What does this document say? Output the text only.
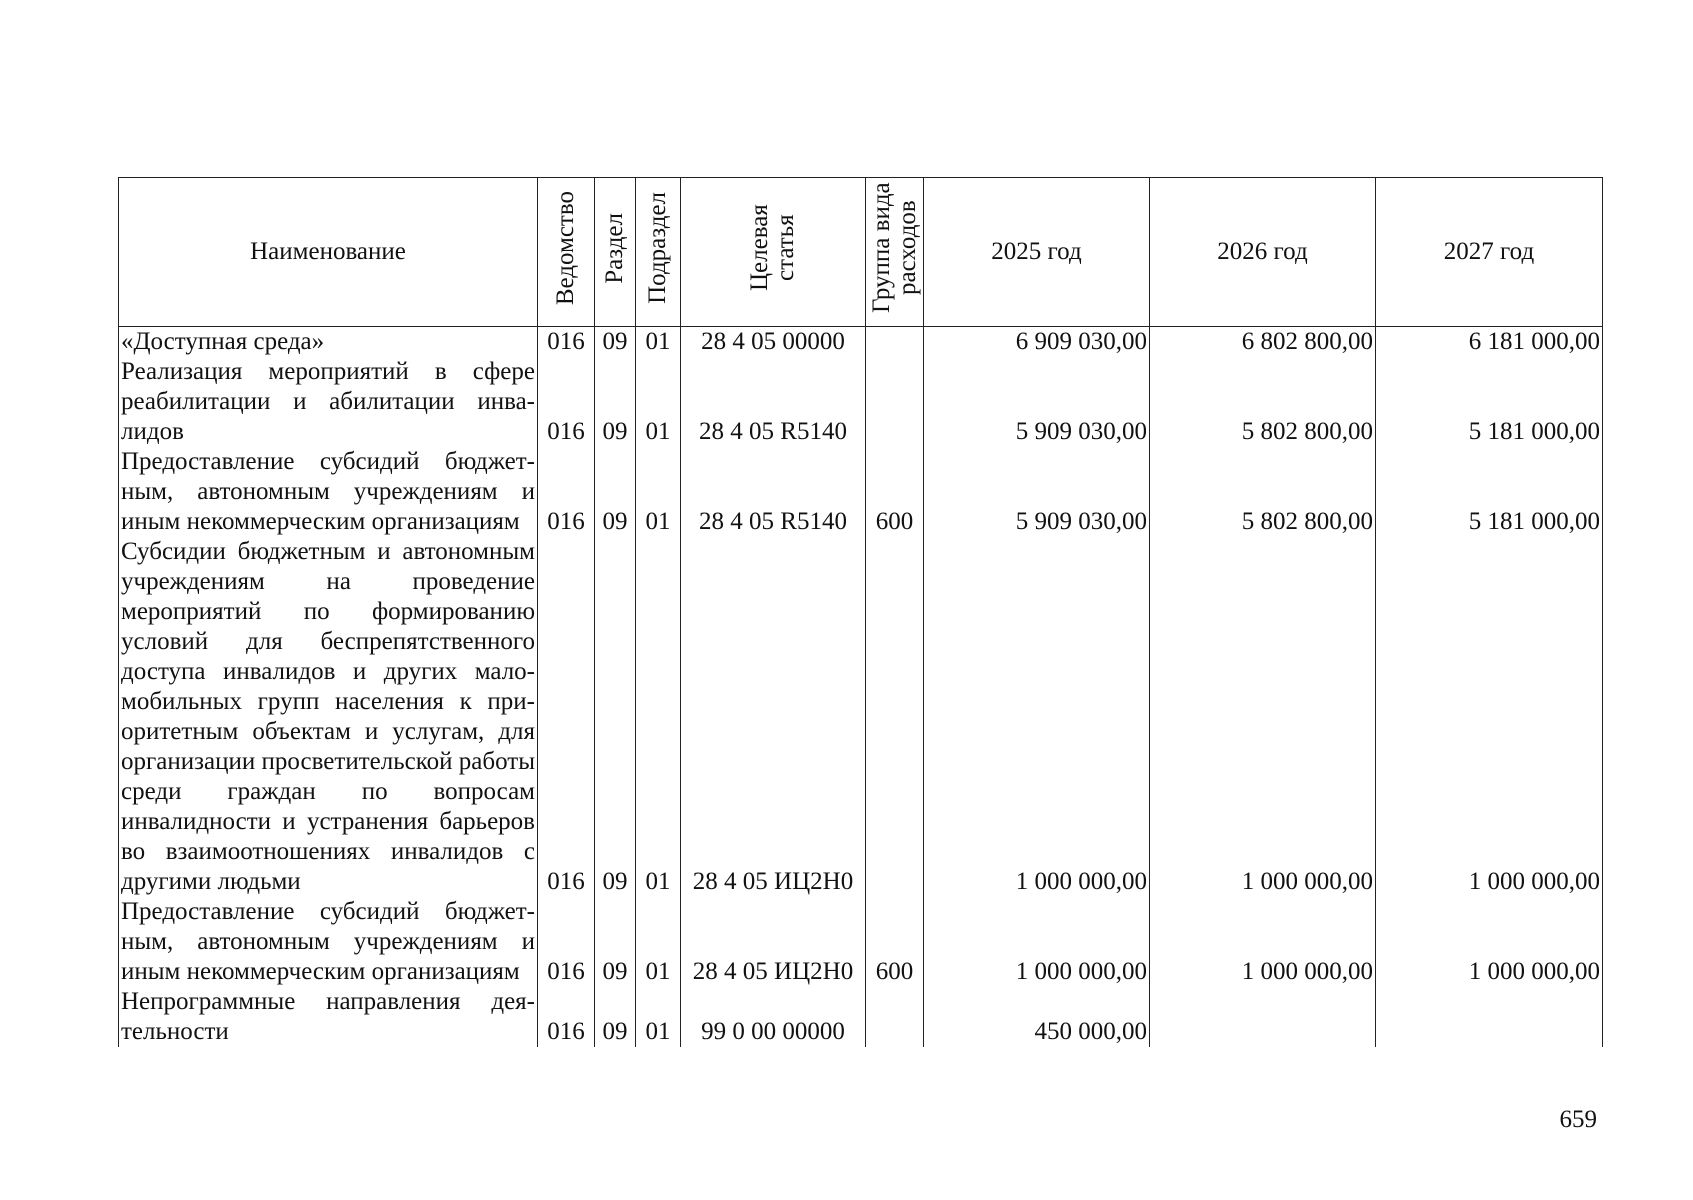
Наименование	Ведомство	Раздел	Подраздел	Целевая статья	Группа вида расходов	2025 год	2026 год	2027 год
«Доступная среда»	016	09	01	28 4 05 00000		6 909 030,00	6 802 800,00	6 181 000,00
Реализация мероприятий в сфере реабилитации и абилитации инвалидов	016	09	01	28 4 05 R5140		5 909 030,00	5 802 800,00	5 181 000,00
Предоставление субсидий бюджетным, автономным учреждениям и иным некоммерческим организациям	016	09	01	28 4 05 R5140	600	5 909 030,00	5 802 800,00	5 181 000,00
Субсидии бюджетным и автономным учреждениям на проведение мероприятий по формированию условий для беспрепятственного доступа инвалидов и других маломобильных групп населения к приоритетным объектам и услугам, для организации просветительской работы среди граждан по вопросам инвалидности и устранения барьеров во взаимоотношениях инвалидов с другими людьми	016	09	01	28 4 05 ИЦ2Н0		1 000 000,00	1 000 000,00	1 000 000,00
Предоставление субсидий бюджетным, автономным учреждениям и иным некоммерческим организациям	016	09	01	28 4 05 ИЦ2Н0	600	1 000 000,00	1 000 000,00	1 000 000,00
Непрограммные направления деятельности	016	09	01	99 0 00 00000		450 000,00		
659
